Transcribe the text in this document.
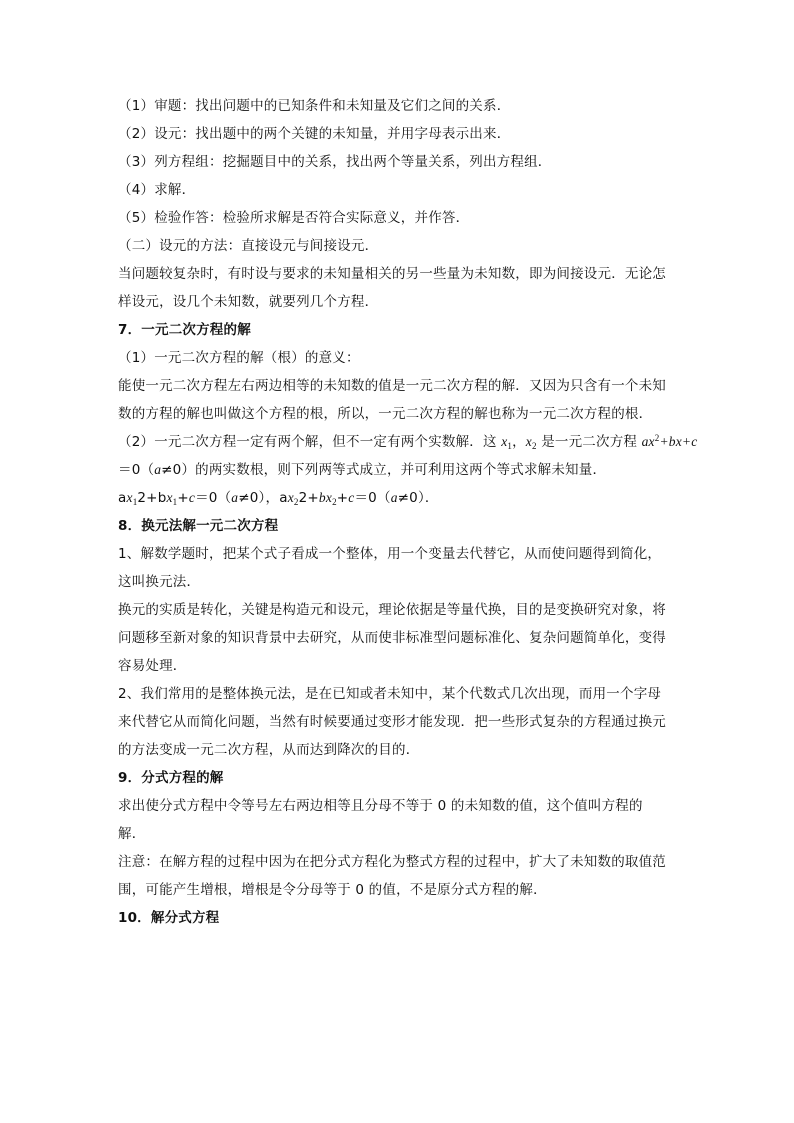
（1）审题：找出问题中的已知条件和未知量及它们之间的关系．
（2）设元：找出题中的两个关键的未知量，并用字母表示出来．
（3）列方程组：挖掘题目中的关系，找出两个等量关系，列出方程组．
（4）求解．
（5）检验作答：检验所求解是否符合实际意义，并作答．
（二）设元的方法：直接设元与间接设元．
当问题较复杂时，有时设与要求的未知量相关的另一些量为未知数，即为间接设元．无论怎
样设元，设几个未知数，就要列几个方程．
7．一元二次方程的解
（1）一元二次方程的解（根）的意义：
能使一元二次方程左右两边相等的未知数的值是一元二次方程的解．又因为只含有一个未知
数的方程的解也叫做这个方程的根，所以，一元二次方程的解也称为一元二次方程的根．
（2）一元二次方程一定有两个解，但不一定有两个实数解．这 $x_1$，$x_2$ 是一元二次方程 $ax^2+bx+c$
＝0（a≠0）的两实数根，则下列两等式成立，并可利用这两个等式求解未知量．
$ax_12+bx_1+c=0(a\ne 0)$，$ax_22+bx_2+c=0(a\ne 0)$．
8．换元法解一元二次方程
1、解数学题时，把某个式子看成一个整体，用一个变量去代替它，从而使问题得到简化，
这叫换元法．
换元的实质是转化，关键是构造元和设元，理论依据是等量代换，目的是变换研究对象，将
问题移至新对象的知识背景中去研究，从而使非标准型问题标准化、复杂问题简单化，变得
容易处理．
2、我们常用的是整体换元法，是在已知或者未知中，某个代数式几次出现，而用一个字母
来代替它从而简化问题，当然有时候要通过变形才能发现．把一些形式复杂的方程通过换元
的方法变成一元二次方程，从而达到降次的目的．
9．分式方程的解
求出使分式方程中令等号左右两边相等且分母不等于 0 的未知数的值，这个值叫方程的
解．
注意：在解方程的过程中因为在把分式方程化为整式方程的过程中，扩大了未知数的取值范
围，可能产生增根，增根是令分母等于 0 的值，不是原分式方程的解．
10．解分式方程
